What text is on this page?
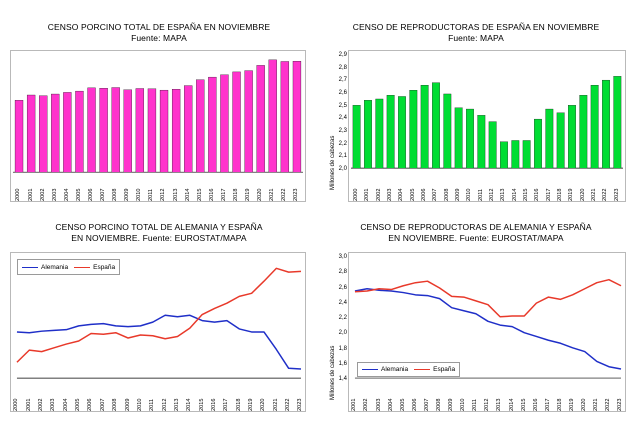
CENSO PORCINO TOTAL DE ESPAÑA EN NOVIEMBRE
Fuente: MAPA
2000 2001 2002 2003 2004 2005 2006 2007 2008 2009 2010 2011 2012 2013 2014 2015 2016 2017 2018 2019 2020 2021 2022 2023
CENSO DE REPRODUCTORAS DE ESPAÑA EN NOVIEMBRE
Fuente: MAPA
Millones de cabezas
2,9
2,8
2,7
2,6
2,5
2,4
2,3
2,2
2,1
2,0
2000 2001 2002 2003 2004 2005 2006 2007 2008 2009 2010 2011 2012 2013 2014 2015 2016 2017 2018 2019 2020 2021 2022 2023
CENSO PORCINO TOTAL DE ALEMANIA Y ESPAÑA
EN NOVIEMBRE. Fuente: EUROSTAT/MAPA
Alemania	España
2000 2001 2002 2003 2004 2005 2006 2007 2008 2009 2010 2011 2012 2013 2014 2015 2016 2017 2018 2019 2020 2021 2022 2023
CENSO DE REPRODUCTORAS DE ALEMANIA Y ESPAÑA
EN NOVIEMBRE. Fuente: EUROSTAT/MAPA
Millones de cabezas
3,0
2,8
2,6
2,4
2,2
2,0
1,8
1,6
1,4
Alemania	España
2001 2002 2003 2004 2005 2006 2007 2008 2009 2010 2011 2012 2013 2014 2015 2016 2017 2018 2019 2020 2021 2022 2023
